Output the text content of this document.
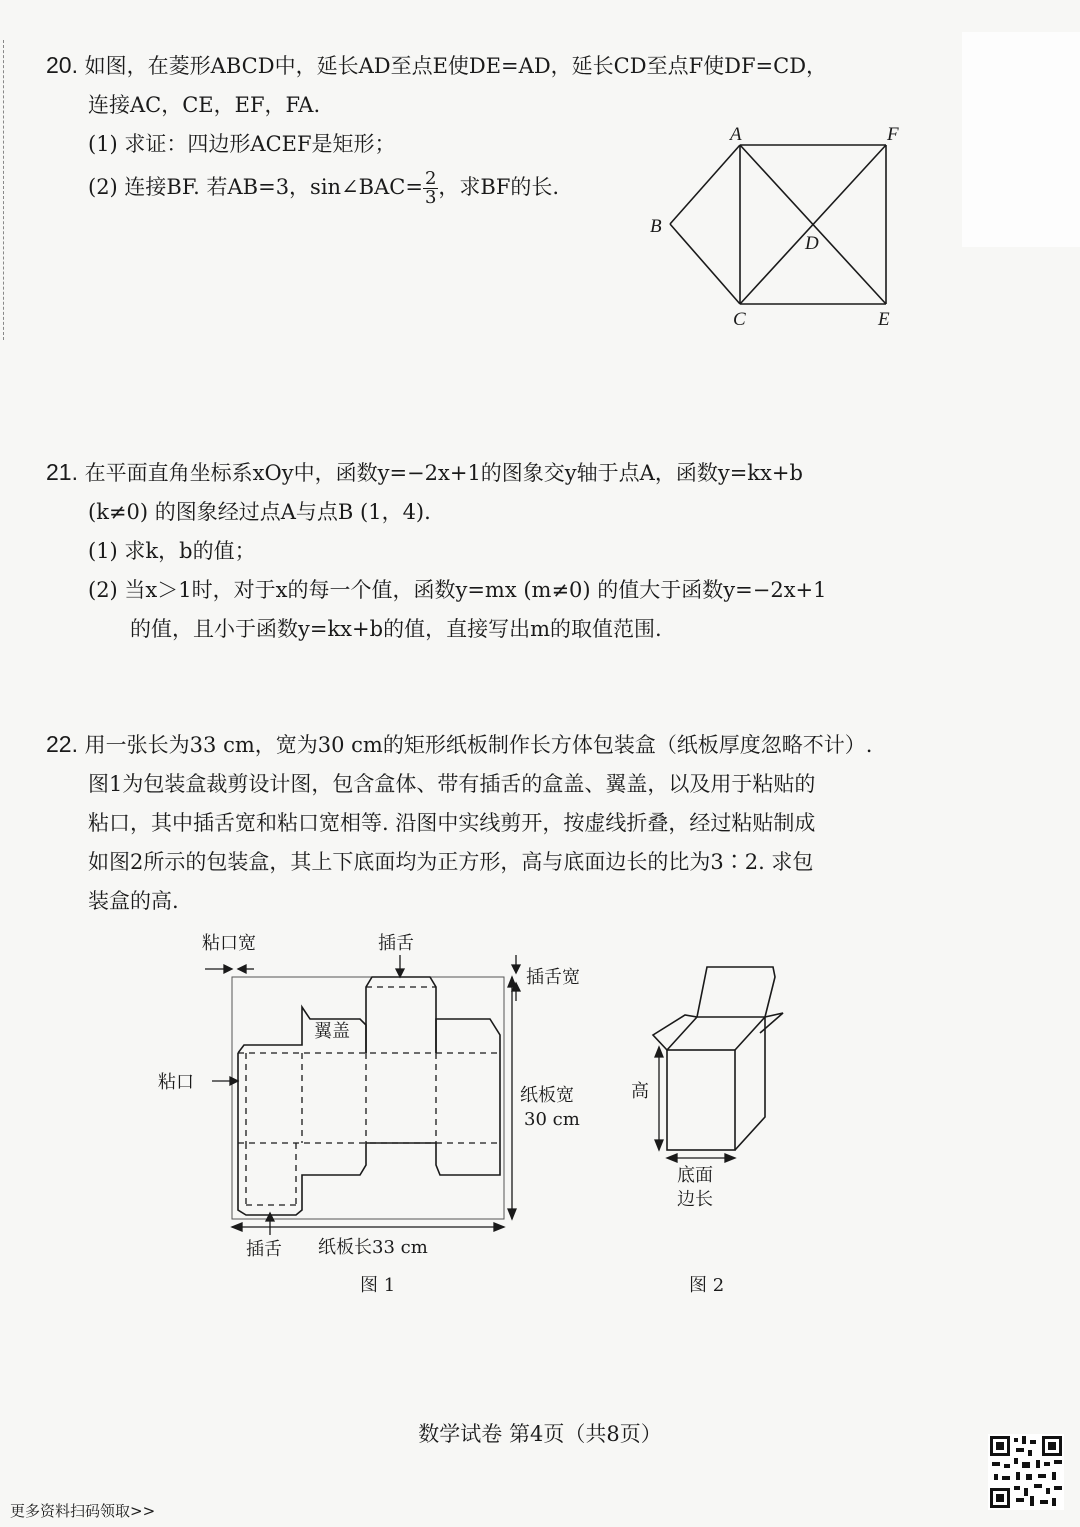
20. 如图，在菱形ABCD中，延长AD至点E使DE=AD，延长CD至点F使DF=CD，
连接AC，CE，EF，FA.
(1) 求证：四边形ACEF是矩形；
(2) 连接BF. 若AB=3，sin∠BAC= $\frac{2}{3}$ ，求BF的长.
A	F
B
D
C	E
21. 在平面直角坐标系xOy中，函数y=−2x+1的图象交y轴于点A，函数y=kx+b
(k≠0) 的图象经过点A与点B (1，4).
(1) 求k，b的值；
(2) 当x＞1时，对于x的每一个值，函数y=mx (m≠0) 的值大于函数y=−2x+1
的值，且小于函数y=kx+b的值，直接写出m的取值范围.
22. 用一张长为33 cm，宽为30 cm的矩形纸板制作长方体包装盒（纸板厚度忽略不计）.
图1为包装盒裁剪设计图，包含盒体、带有插舌的盒盖、翼盖，以及用于粘贴的
粘口，其中插舌宽和粘口宽相等. 沿图中实线剪开，按虚线折叠，经过粘贴制成
如图2所示的包装盒，其上下底面均为正方形，高与底面边长的比为3∶2. 求包
装盒的高.
粘口宽	插舌
插舌宽
翼盖
粘口
纸板宽
30 cm
插舌 纸板长33 cm
图 1
高
底面
边长
图 2
数学试卷 第4页（共8页）
更多资料扫码领取>>
